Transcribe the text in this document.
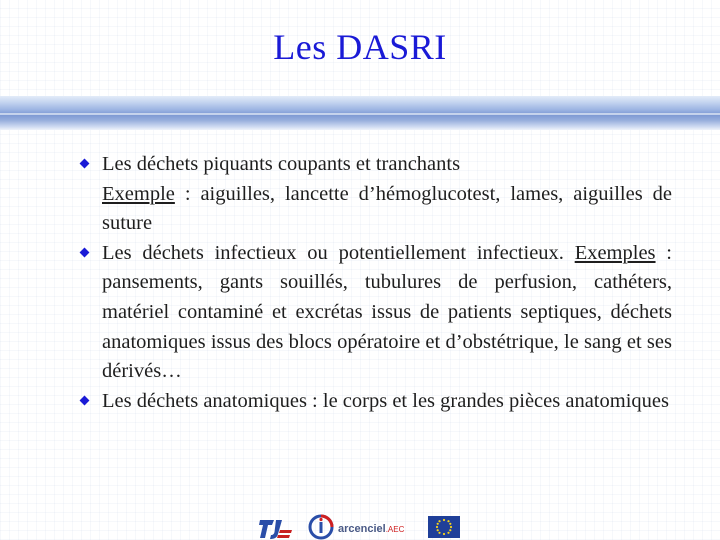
Les DASRI
Les déchets piquants coupants et tranchants
Exemple : aiguilles, lancette d’hémoglucotest, lames, aiguilles de suture
Les déchets infectieux ou potentiellement infectieux. Exemples : pansements, gants souillés, tubulures de perfusion, cathéters, matériel contaminé et excrétas issus de patients septiques, déchets anatomiques issus des blocs opératoire et d’obstétrique, le sang et ses dérivés…
Les déchets anatomiques : le corps et les grandes pièces anatomiques
arcenciel.AEC
